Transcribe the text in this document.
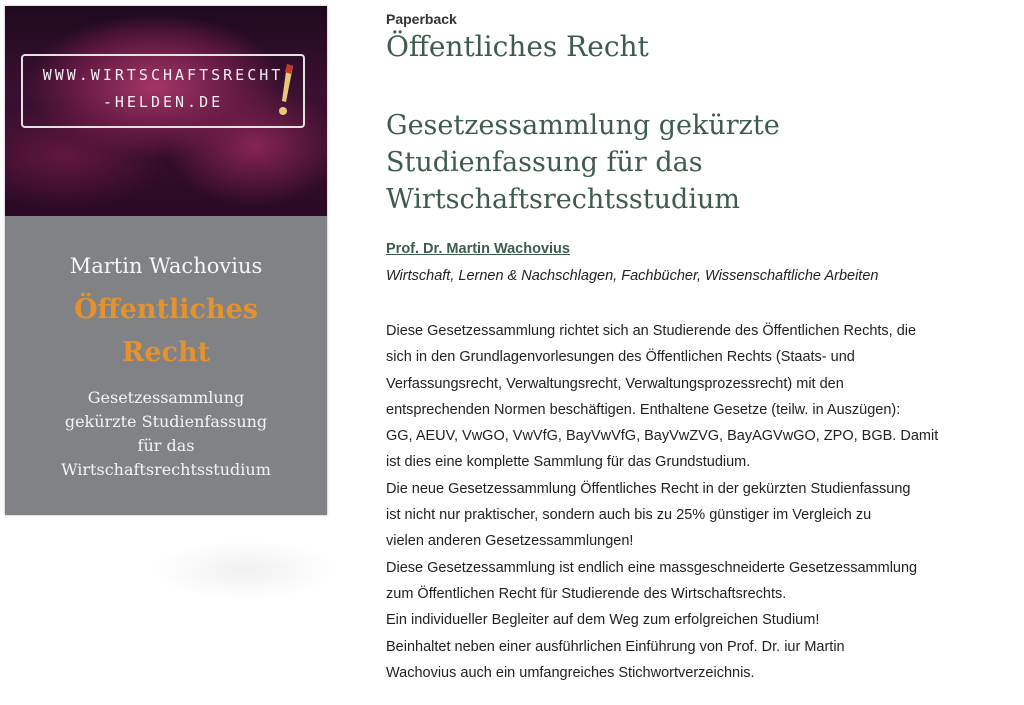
WWW.WIRTSCHAFTSRECHT
-HELDEN.DE
Martin Wachovius
Öffentliches
Recht
Gesetzessammlung
gekürzte Studienfassung
für das
Wirtschaftsrechtsstudium
Paperback
Öffentliches Recht
Gesetzessammlung gekürzte
Studienfassung für das
Wirtschaftsrechtsstudium
Prof. Dr. Martin Wachovius
Wirtschaft, Lernen & Nachschlagen, Fachbücher, Wissenschaftliche Arbeiten
Diese Gesetzessammlung richtet sich an Studierende des Öffentlichen Rechts, die
sich in den Grundlagenvorlesungen des Öffentlichen Rechts (Staats- und
Verfassungsrecht, Verwaltungsrecht, Verwaltungsprozessrecht) mit den
entsprechenden Normen beschäftigen. Enthaltene Gesetze (teilw. in Auszügen):
GG, AEUV, VwGO, VwVfG, BayVwVfG, BayVwZVG, BayAGVwGO, ZPO, BGB. Damit
ist dies eine komplette Sammlung für das Grundstudium.
Die neue Gesetzessammlung Öffentliches Recht in der gekürzten Studienfassung
ist nicht nur praktischer, sondern auch bis zu 25% günstiger im Vergleich zu
vielen anderen Gesetzessammlungen!
Diese Gesetzessammlung ist endlich eine massgeschneiderte Gesetzessammlung
zum Öffentlichen Recht für Studierende des Wirtschaftsrechts.
Ein individueller Begleiter auf dem Weg zum erfolgreichen Studium!
Beinhaltet neben einer ausführlichen Einführung von Prof. Dr. iur Martin
Wachovius auch ein umfangreiches Stichwortverzeichnis.
